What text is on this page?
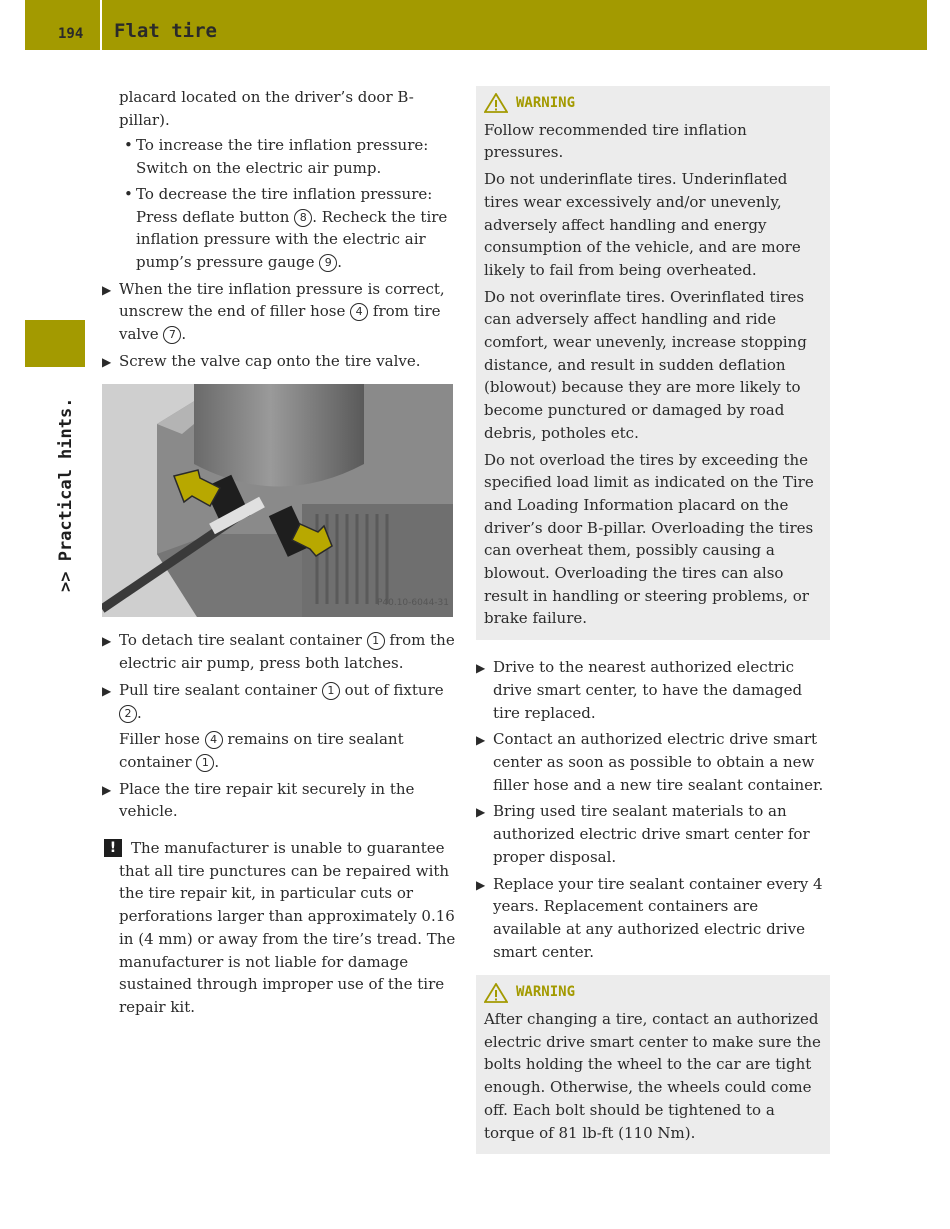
194 Flat tire
>> Practical hints.

placard located on the driver’s door B-pillar).

• To increase the tire inflation pressure: Switch on the electric air pump.
• To decrease the tire inflation pressure: Press deflate button 8 . Recheck the tire inflation pressure with the electric air pump’s pressure gauge 9 .
▶ When the tire inflation pressure is correct, unscrew the end of filler hose 4 from tire valve 7 .
▶ Screw the valve cap onto the tire valve.
P40.10-6044-31
▶ To detach tire sealant container 1 from the electric air pump, press both latches.
▶ Pull tire sealant container 1 out of fixture 2 .

Filler hose 4 remains on tire sealant container 1 .

▶ Place the tire repair kit securely in the vehicle.
! The manufacturer is unable to guarantee that all tire punctures can be repaired with the tire repair kit, in particular cuts or perforations larger than approximately 0.16 in (4 mm) or away from the tire’s tread. The manufacturer is not liable for damage sustained through improper use of the tire repair kit.

WARNING

Follow recommended tire inflation pressures.

Do not underinflate tires. Underinflated tires wear excessively and/or unevenly, adversely affect handling and energy consumption of the vehicle, and are more likely to fail from being overheated.

Do not overinflate tires. Overinflated tires can adversely affect handling and ride comfort, wear unevenly, increase stopping distance, and result in sudden deflation (blowout) because they are more likely to become punctured or damaged by road debris, potholes etc.

Do not overload the tires by exceeding the specified load limit as indicated on the Tire and Loading Information placard on the driver’s door B-pillar. Overloading the tires can overheat them, possibly causing a blowout. Overloading the tires can also result in handling or steering problems, or brake failure.

▶ Drive to the nearest authorized electric drive smart center, to have the damaged tire replaced.
▶ Contact an authorized electric drive smart center as soon as possible to obtain a new filler hose and a new tire sealant container.
▶ Bring used tire sealant materials to an authorized electric drive smart center for proper disposal.
▶ Replace your tire sealant container every 4 years. Replacement containers are available at any authorized electric drive smart center.
WARNING

After changing a tire, contact an authorized electric drive smart center to make sure the bolts holding the wheel to the car are tight enough. Otherwise, the wheels could come off. Each bolt should be tightened to a torque of 81 lb-ft (110 Nm).
